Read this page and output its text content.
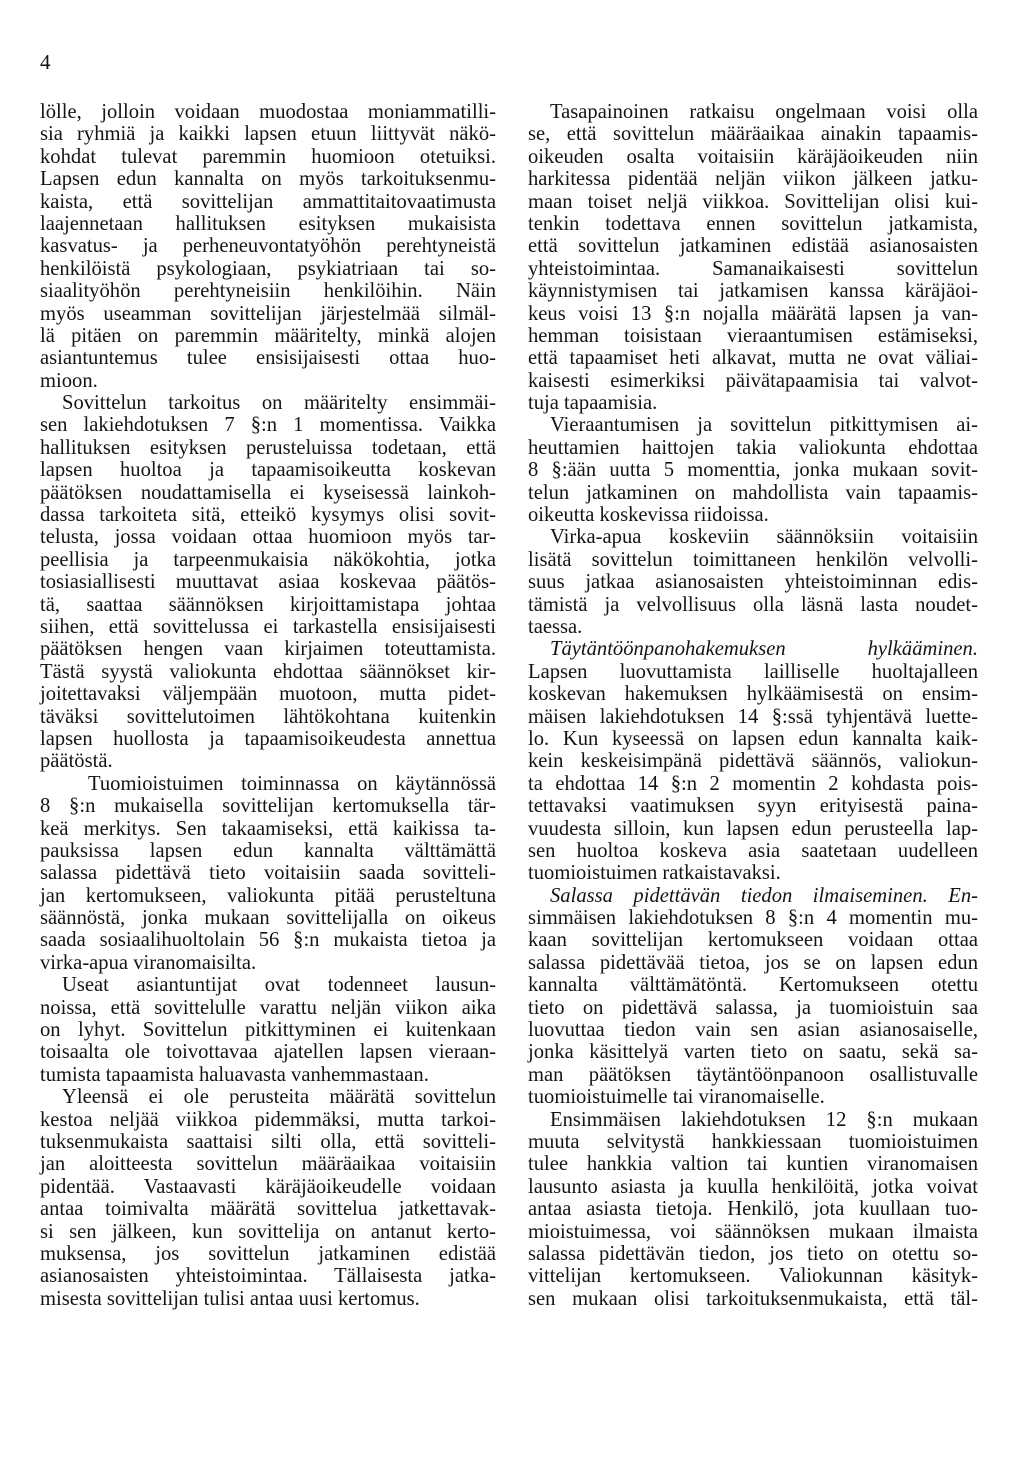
4
lölle, jolloin voidaan muodostaa moniammatilli-
sia ryhmiä ja kaikki lapsen etuun liittyvät näkö-
kohdat tulevat paremmin huomioon otetuiksi.
Lapsen edun kannalta on myös tarkoituksenmu-
kaista, että sovittelijan ammattitaitovaatimusta
laajennetaan hallituksen esityksen mukaisista
kasvatus- ja perheneuvontatyöhön perehtyneistä
henkilöistä psykologiaan, psykiatriaan tai so-
siaalityöhön perehtyneisiin henkilöihin. Näin
myös useamman sovittelijan järjestelmää silmäl-
lä pitäen on paremmin määritelty, minkä alojen
asiantuntemus tulee ensisijaisesti ottaa huo-
mioon.
Sovittelun tarkoitus on määritelty ensimmäi-
sen lakiehdotuksen 7 §:n 1 momentissa. Vaikka
hallituksen esityksen perusteluissa todetaan, että
lapsen huoltoa ja tapaamisoikeutta koskevan
päätöksen noudattamisella ei kyseisessä lainkoh-
dassa tarkoiteta sitä, etteikö kysymys olisi sovit-
telusta, jossa voidaan ottaa huomioon myös tar-
peellisia ja tarpeenmukaisia näkökohtia, jotka
tosiasiallisesti muuttavat asiaa koskevaa päätös-
tä, saattaa säännöksen kirjoittamistapa johtaa
siihen, että sovittelussa ei tarkastella ensisijaisesti
päätöksen hengen vaan kirjaimen toteuttamista.
Tästä syystä valiokunta ehdottaa säännökset kir-
joitettavaksi väljempään muotoon, mutta pidet-
täväksi sovittelutoimen lähtökohtana kuitenkin
lapsen huollosta ja tapaamisoikeudesta annettua
päätöstä.
Tuomioistuimen toiminnassa on käytännössä
8 §:n mukaisella sovittelijan kertomuksella tär-
keä merkitys. Sen takaamiseksi, että kaikissa ta-
pauksissa lapsen edun kannalta välttämättä
salassa pidettävä tieto voitaisiin saada sovitteli-
jan kertomukseen, valiokunta pitää perusteltuna
säännöstä, jonka mukaan sovittelijalla on oikeus
saada sosiaalihuoltolain 56 §:n mukaista tietoa ja
virka-apua viranomaisilta.
Useat asiantuntijat ovat todenneet lausun-
noissa, että sovittelulle varattu neljän viikon aika
on lyhyt. Sovittelun pitkittyminen ei kuitenkaan
toisaalta ole toivottavaa ajatellen lapsen vieraan-
tumista tapaamista haluavasta vanhemmastaan.
Yleensä ei ole perusteita määrätä sovittelun
kestoa neljää viikkoa pidemmäksi, mutta tarkoi-
tuksenmukaista saattaisi silti olla, että sovitteli-
jan aloitteesta sovittelun määräaikaa voitaisiin
pidentää. Vastaavasti käräjäoikeudelle voidaan
antaa toimivalta määrätä sovittelua jatkettavak-
si sen jälkeen, kun sovittelija on antanut kerto-
muksensa, jos sovittelun jatkaminen edistää
asianosaisten yhteistoimintaa. Tällaisesta jatka-
misesta sovittelijan tulisi antaa uusi kertomus.
Tasapainoinen ratkaisu ongelmaan voisi olla
se, että sovittelun määräaikaa ainakin tapaamis-
oikeuden osalta voitaisiin käräjäoikeuden niin
harkitessa pidentää neljän viikon jälkeen jatku-
maan toiset neljä viikkoa. Sovittelijan olisi kui-
tenkin todettava ennen sovittelun jatkamista,
että sovittelun jatkaminen edistää asianosaisten
yhteistoimintaa. Samanaikaisesti sovittelun
käynnistymisen tai jatkamisen kanssa käräjäoi-
keus voisi 13 §:n nojalla määrätä lapsen ja van-
hemman toisistaan vieraantumisen estämiseksi,
että tapaamiset heti alkavat, mutta ne ovat väliai-
kaisesti esimerkiksi päivätapaamisia tai valvot-
tuja tapaamisia.
Vieraantumisen ja sovittelun pitkittymisen ai-
heuttamien haittojen takia valiokunta ehdottaa
8 §:ään uutta 5 momenttia, jonka mukaan sovit-
telun jatkaminen on mahdollista vain tapaamis-
oikeutta koskevissa riidoissa.
Virka-apua koskeviin säännöksiin voitaisiin
lisätä sovittelun toimittaneen henkilön velvolli-
suus jatkaa asianosaisten yhteistoiminnan edis-
tämistä ja velvollisuus olla läsnä lasta noudet-
taessa.
Täytäntöönpanohakemuksen hylkääminen.
Lapsen luovuttamista lailliselle huoltajalleen
koskevan hakemuksen hylkäämisestä on ensim-
mäisen lakiehdotuksen 14 §:ssä tyhjentävä luette-
lo. Kun kyseessä on lapsen edun kannalta kaik-
kein keskeisimpänä pidettävä säännös, valiokun-
ta ehdottaa 14 §:n 2 momentin 2 kohdasta pois-
tettavaksi vaatimuksen syyn erityisestä paina-
vuudesta silloin, kun lapsen edun perusteella lap-
sen huoltoa koskeva asia saatetaan uudelleen
tuomioistuimen ratkaistavaksi.
Salassa pidettävän tiedon ilmaiseminen. En-
simmäisen lakiehdotuksen 8 §:n 4 momentin mu-
kaan sovittelijan kertomukseen voidaan ottaa
salassa pidettävää tietoa, jos se on lapsen edun
kannalta välttämätöntä. Kertomukseen otettu
tieto on pidettävä salassa, ja tuomioistuin saa
luovuttaa tiedon vain sen asian asianosaiselle,
jonka käsittelyä varten tieto on saatu, sekä sa-
man päätöksen täytäntöönpanoon osallistuvalle
tuomioistuimelle tai viranomaiselle.
Ensimmäisen lakiehdotuksen 12 §:n mukaan
muuta selvitystä hankkiessaan tuomioistuimen
tulee hankkia valtion tai kuntien viranomaisen
lausunto asiasta ja kuulla henkilöitä, jotka voivat
antaa asiasta tietoja. Henkilö, jota kuullaan tuo-
mioistuimessa, voi säännöksen mukaan ilmaista
salassa pidettävän tiedon, jos tieto on otettu so-
vittelijan kertomukseen. Valiokunnan käsityk-
sen mukaan olisi tarkoituksenmukaista, että täl-
